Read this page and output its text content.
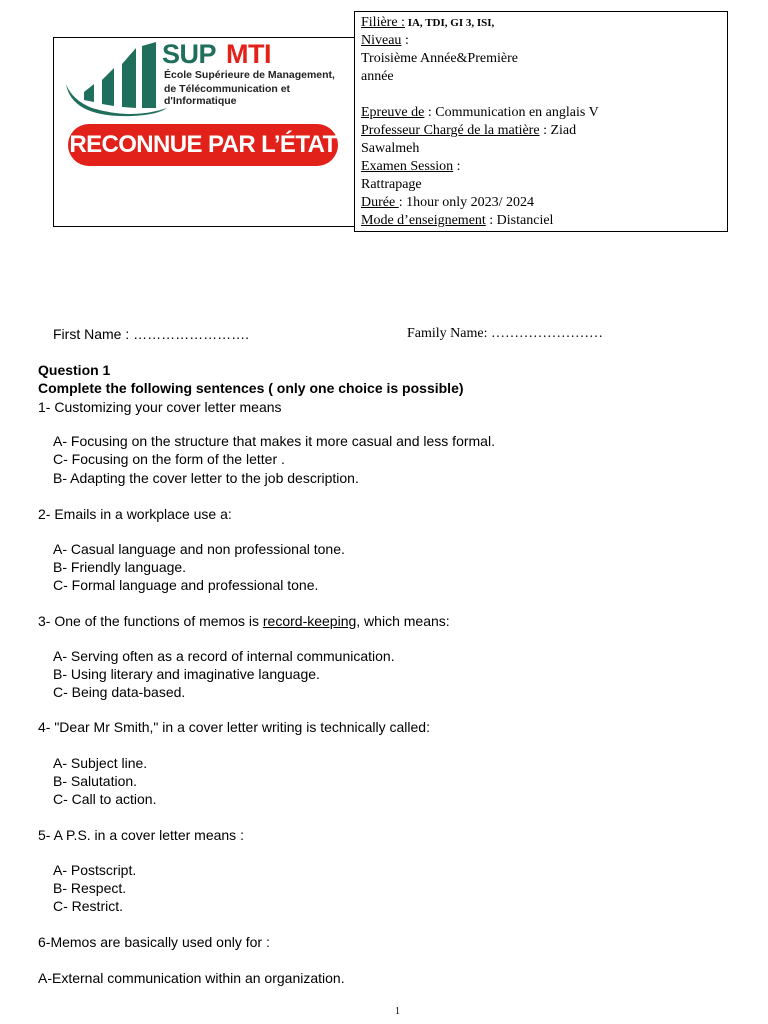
SUP MTI
École Supérieure de Management,
de Télécommunication et d'Informatique
RECONNUE PAR L’ÉTAT
Filière : IA, TDI, GI 3, ISI,
Niveau :
Troisième Année&Première
année
Epreuve de : Communication en anglais V
Professeur Chargé de la matière : Ziad
Sawalmeh
Examen Session :
Rattrapage
Durée : 1hour only 2023/ 2024
Mode d’enseignement : Distanciel
First Name : …………………….	Family Name: ……………………
Question 1
Complete the following sentences ( only one choice is possible)
1- Customizing your cover letter means
A- Focusing on the structure that makes it more casual and less formal.
C- Focusing on the form of the letter .
B- Adapting the cover letter to the job description.
2- Emails in a workplace use a:
A- Casual language and non professional tone.
B- Friendly language.
C- Formal language and professional tone.
3- One of the functions of memos is record-keeping, which means:
A- Serving often as a record of internal communication.
B- Using literary and imaginative language.
C- Being data-based.
4- "Dear Mr Smith," in a cover letter writing is technically called:
A- Subject line.
B- Salutation.
C- Call to action.
5- A P.S. in a cover letter means :
A- Postscript.
B- Respect.
C- Restrict.
6-Memos are basically used only for :
A-External communication within an organization.
1
